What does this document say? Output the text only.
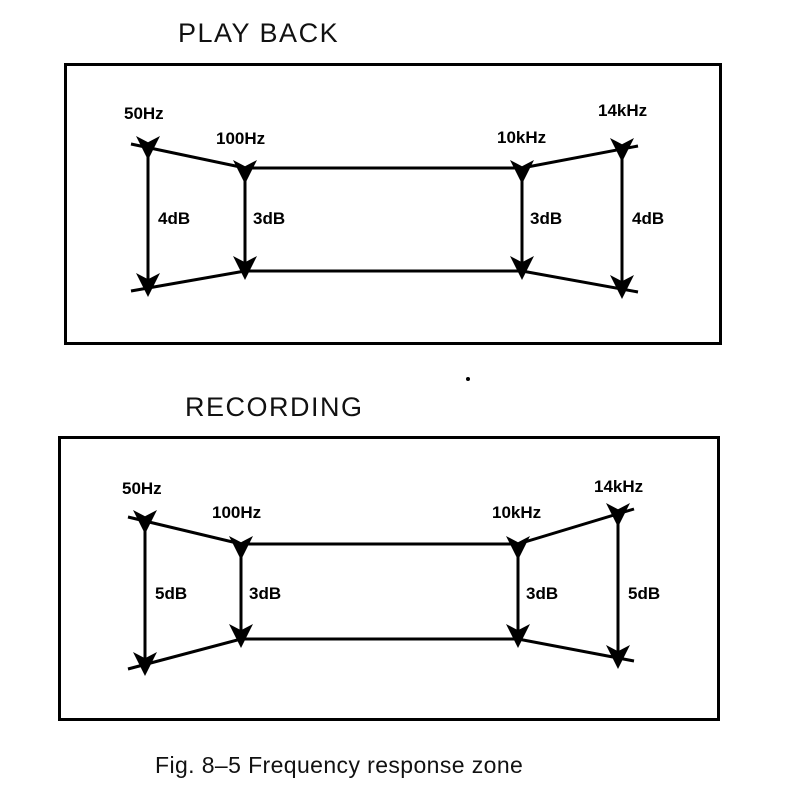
PLAY BACK
RECORDING
50Hz
100Hz	10kHz
14kHz
4dB	3dB	3dB	4dB
50Hz
100Hz	10kHz
14kHz
5dB	3dB	3dB	5dB
Fig. 8–5 Frequency response zone
